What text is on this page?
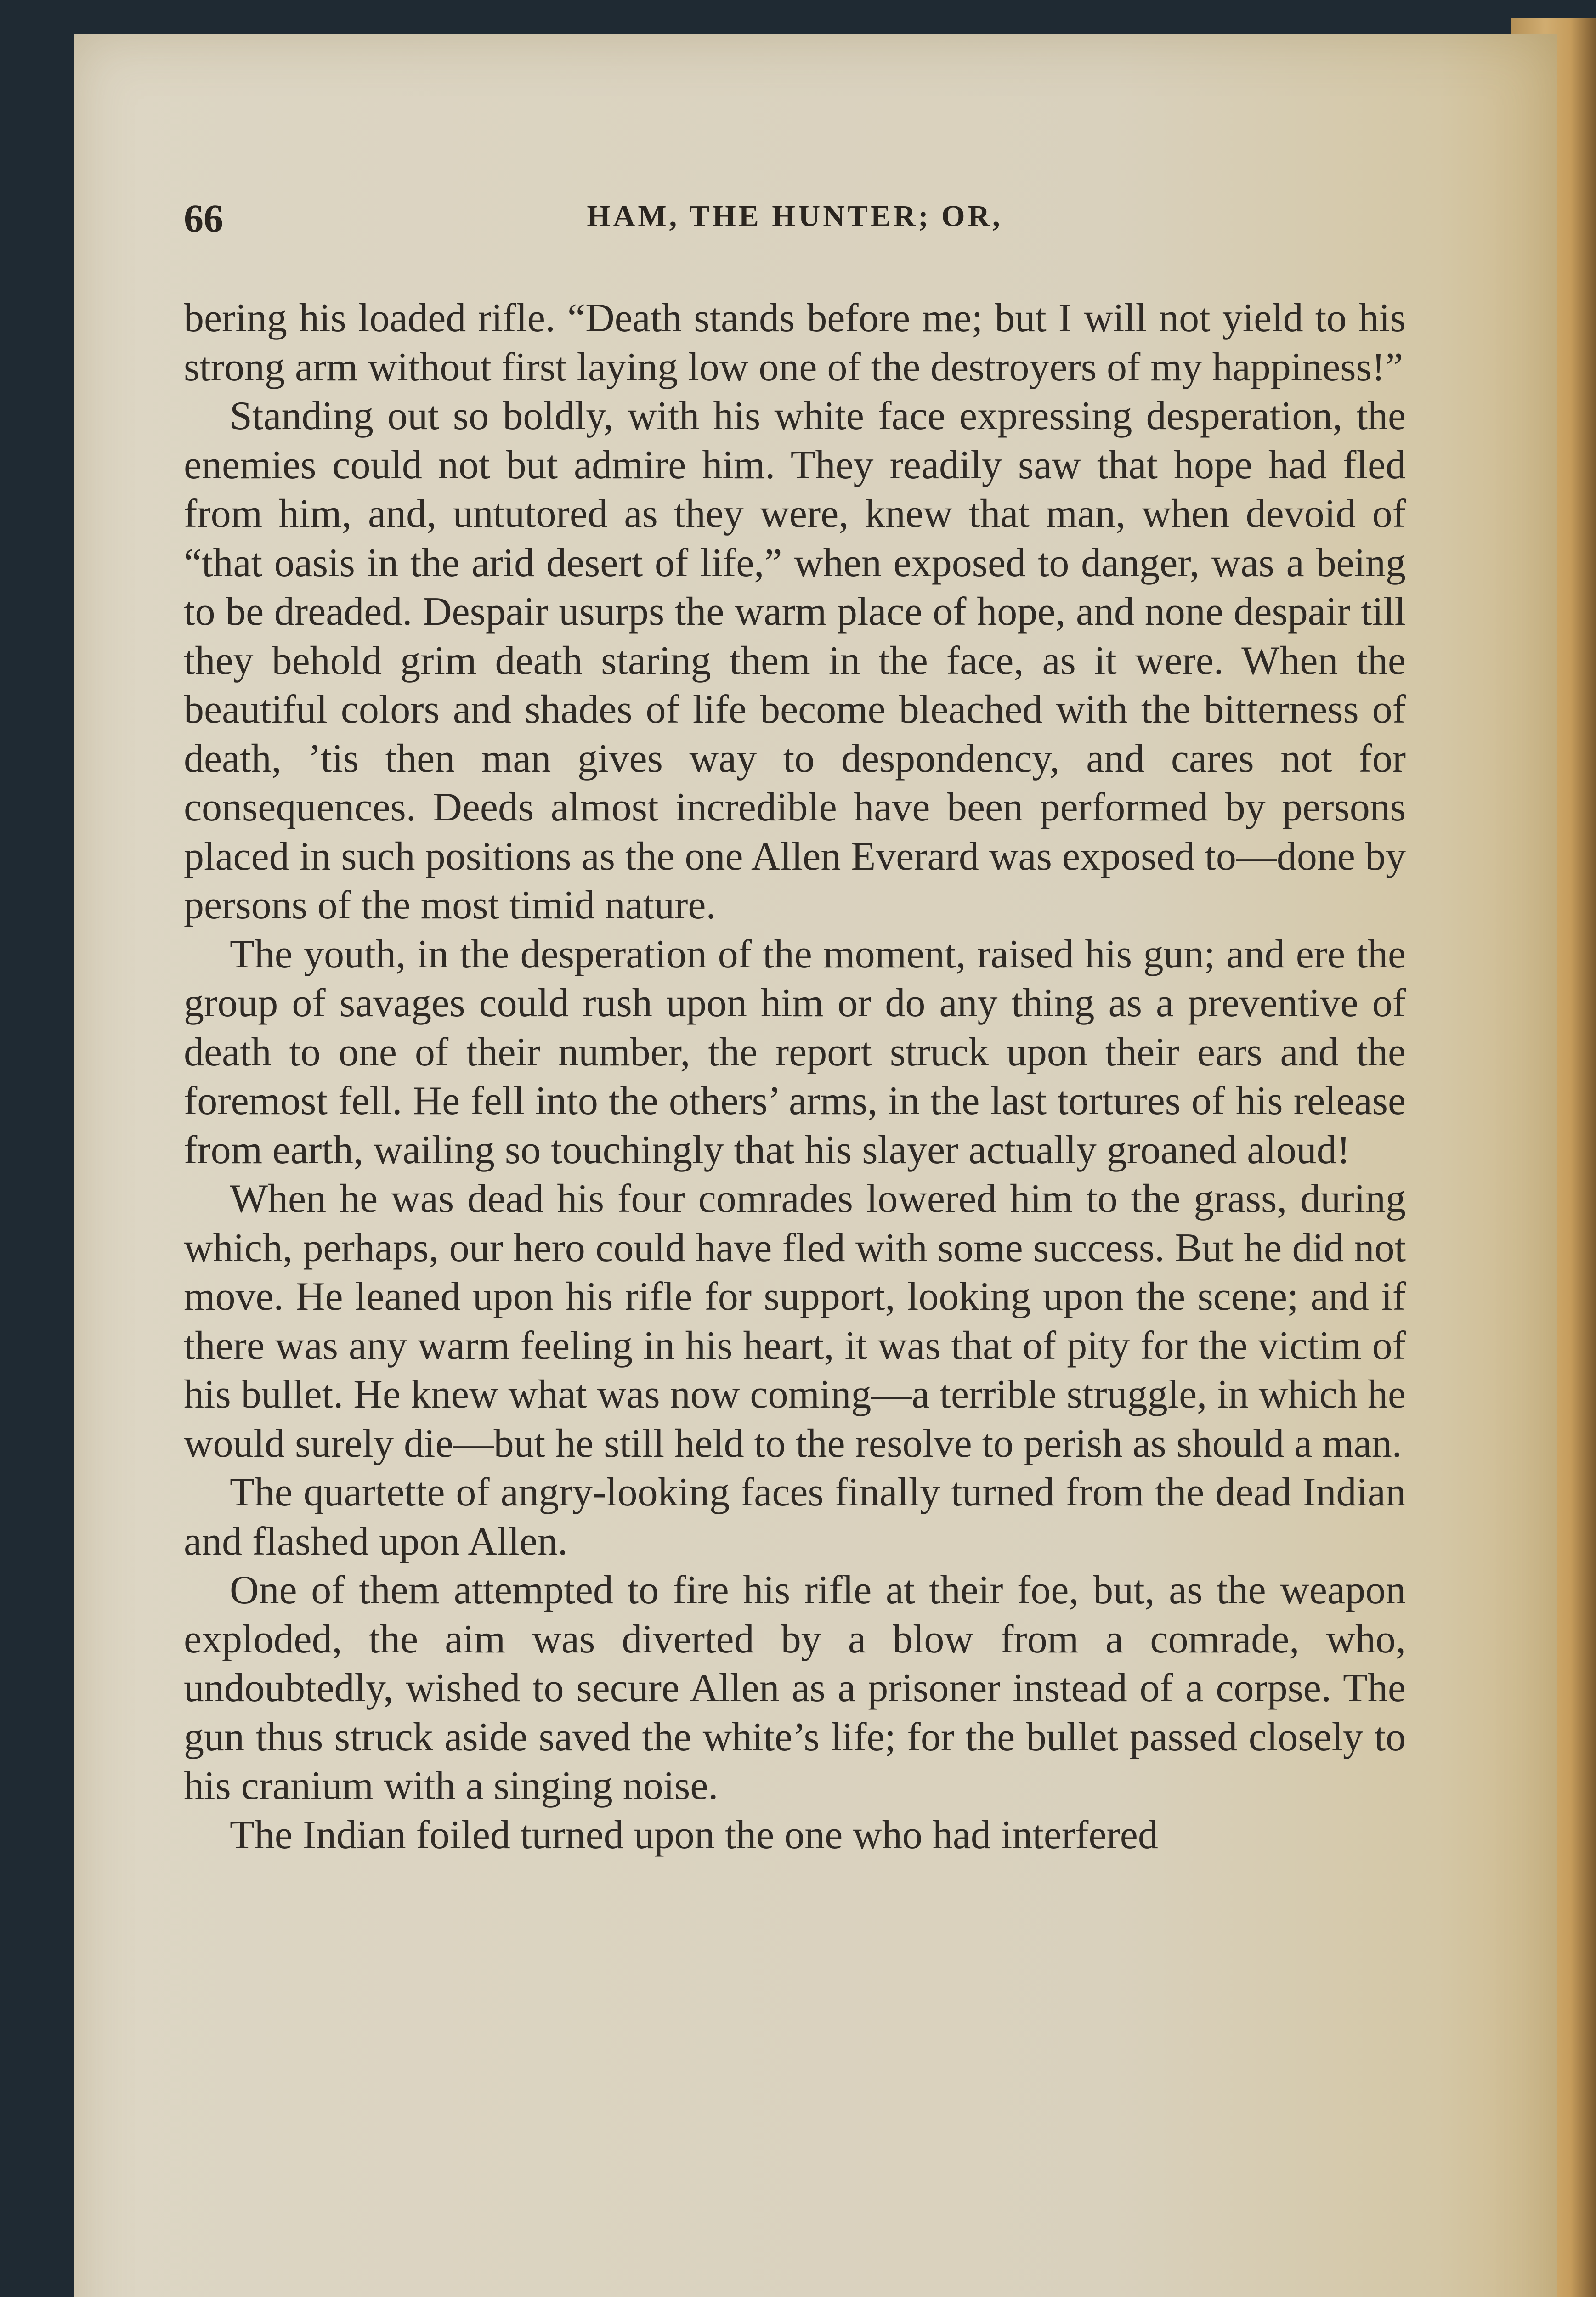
66	HAM, THE HUNTER; OR,

bering his loaded rifle. “Death stands before me; but I will not yield to his strong arm without first laying low one of the destroyers of my happiness!”

Standing out so boldly, with his white face expressing desperation, the enemies could not but admire him. They readily saw that hope had fled from him, and, untutored as they were, knew that man, when devoid of “that oasis in the arid desert of life,” when exposed to danger, was a being to be dreaded. Despair usurps the warm place of hope, and none despair till they behold grim death staring them in the face, as it were. When the beautiful colors and shades of life become bleached with the bitterness of death, ’tis then man gives way to despondency, and cares not for consequences. Deeds almost incredible have been performed by persons placed in such positions as the one Allen Everard was exposed to—done by persons of the most timid nature.

The youth, in the desperation of the moment, raised his gun; and ere the group of savages could rush upon him or do any thing as a preventive of death to one of their number, the report struck upon their ears and the foremost fell. He fell into the others’ arms, in the last tortures of his release from earth, wailing so touchingly that his slayer actually groaned aloud!

When he was dead his four comrades lowered him to the grass, during which, perhaps, our hero could have fled with some success. But he did not move. He leaned upon his rifle for support, looking upon the scene; and if there was any warm feeling in his heart, it was that of pity for the victim of his bullet. He knew what was now coming—a terrible struggle, in which he would surely die—but he still held to the resolve to perish as should a man.

The quartette of angry-looking faces finally turned from the dead Indian and flashed upon Allen.

One of them attempted to fire his rifle at their foe, but, as the weapon exploded, the aim was diverted by a blow from a comrade, who, undoubtedly, wished to secure Allen as a prisoner instead of a corpse. The gun thus struck aside saved the white’s life; for the bullet passed closely to his cranium with a singing noise.

The Indian foiled turned upon the one who had interfered
